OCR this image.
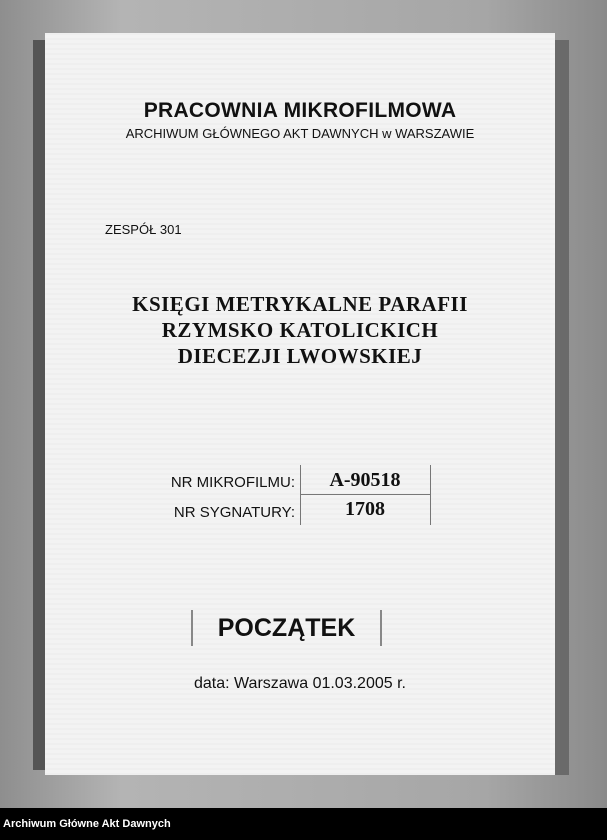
PRACOWNIA MIKROFILMOWA
ARCHIWUM GŁÓWNEGO AKT DAWNYCH w WARSZAWIE
ZESPÓŁ 301
KSIĘGI METRYKALNE PARAFII
RZYMSKO KATOLICKICH
DIECEZJI LWOWSKIEJ
NR MIKROFILMU:	A-90518
NR SYGNATURY:	1708
POCZĄTEK
data: Warszawa 01.03.2005 r.
Archiwum Główne Akt Dawnych
